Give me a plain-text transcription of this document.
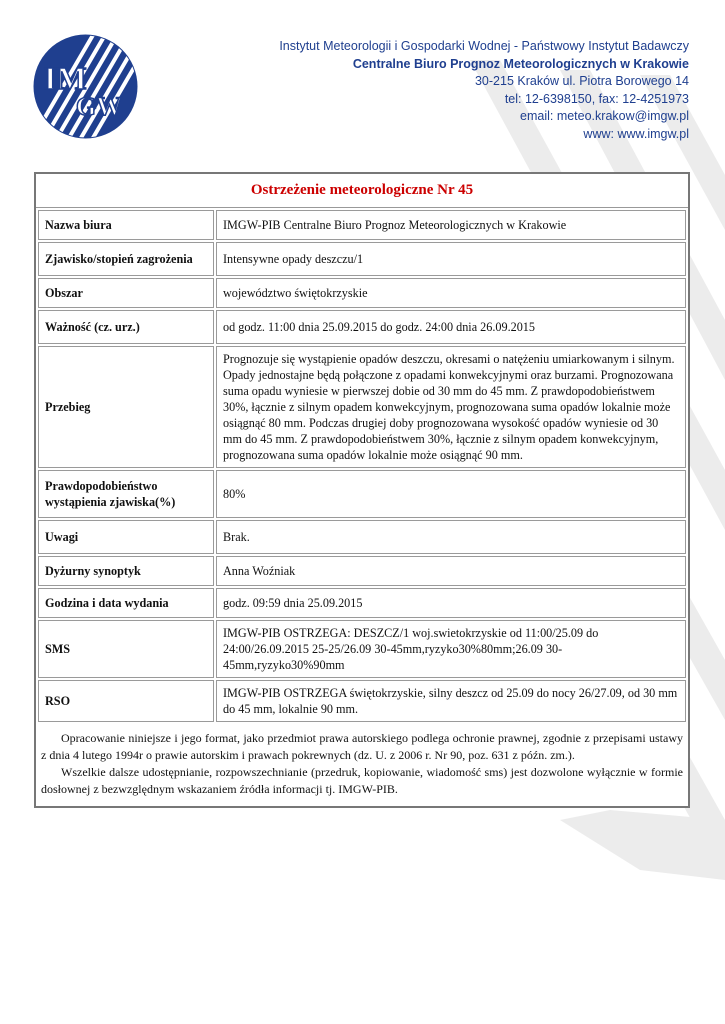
IM
GW
Instytut Meteorologii i Gospodarki Wodnej - Państwowy Instytut Badawczy
Centralne Biuro Prognoz Meteorologicznych w Krakowie
30-215 Kraków ul. Piotra Borowego 14
tel: 12-6398150, fax: 12-4251973
email: meteo.krakow@imgw.pl
www: www.imgw.pl
Ostrzeżenie meteorologiczne Nr 45
Nazwa biura	IMGW-PIB Centralne Biuro Prognoz Meteorologicznych w Krakowie
Zjawisko/stopień zagrożenia	Intensywne opady deszczu/1
Obszar	województwo świętokrzyskie
Ważność (cz. urz.)	od godz. 11:00 dnia 25.09.2015 do godz. 24:00 dnia 26.09.2015
Przebieg	Prognozuje się wystąpienie opadów deszczu, okresami o natężeniu umiarkowanym i silnym. Opady jednostajne będą połączone z opadami konwekcyjnymi oraz burzami. Prognozowana suma opadu wyniesie w pierwszej dobie od 30 mm do 45 mm. Z prawdopodobieństwem 30%, łącznie z silnym opadem konwekcyjnym, prognozowana suma opadów lokalnie może osiągnąć 80 mm. Podczas drugiej doby prognozowana wysokość opadów wyniesie od 30 mm do 45 mm. Z prawdopodobieństwem 30%, łącznie z silnym opadem konwekcyjnym, prognozowana suma opadów lokalnie może osiągnąć 90 mm.
Prawdopodobieństwo wystąpienia zjawiska(%)	80%
Uwagi	Brak.
Dyżurny synoptyk	Anna Woźniak
Godzina i data wydania	godz. 09:59 dnia 25.09.2015
SMS	IMGW-PIB OSTRZEGA: DESZCZ/1 woj.swietokrzyskie od 11:00/25.09 do 24:00/26.09.2015 25-25/26.09 30-45mm,ryzyko30%80mm;26.09 30-45mm,ryzyko30%90mm
RSO	IMGW-PIB OSTRZEGA świętokrzyskie, silny deszcz od 25.09 do nocy 26/27.09, od 30 mm do 45 mm, lokalnie 90 mm.

Opracowanie niniejsze i jego format, jako przedmiot prawa autorskiego podlega ochronie prawnej, zgodnie z przepisami ustawy z dnia 4 lutego 1994r o prawie autorskim i prawach pokrewnych (dz. U. z 2006 r. Nr 90, poz. 631 z późn. zm.).

Wszelkie dalsze udostępnianie, rozpowszechnianie (przedruk, kopiowanie, wiadomość sms) jest dozwolone wyłącznie w formie dosłownej z bezwzględnym wskazaniem źródła informacji tj. IMGW-PIB.
